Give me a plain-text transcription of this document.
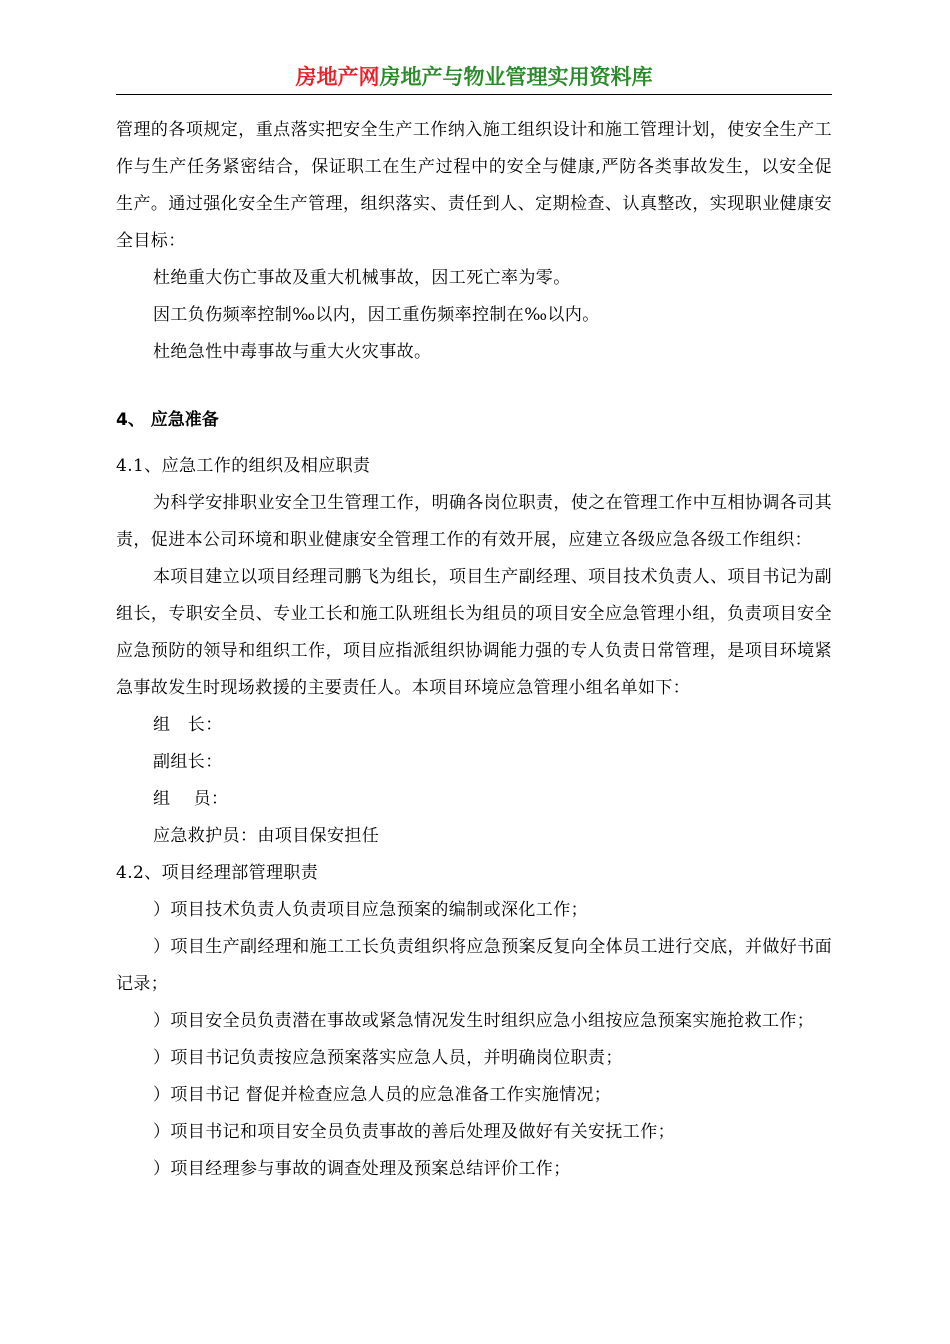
房地产网房地产与物业管理实用资料库

管理的各项规定，重点落实把安全生产工作纳入施工组织设计和施工管理计划，使安全生产工作与生产任务紧密结合，保证职工在生产过程中的安全与健康,严防各类事故发生，以安全促生产。通过强化安全生产管理，组织落实、责任到人、定期检查、认真整改，实现职业健康安全目标：

杜绝重大伤亡事故及重大机械事故，因工死亡率为零。

因工负伤频率控制‰以内，因工重伤频率控制在‰以内。

杜绝急性中毒事故与重大火灾事故。

4、 应急准备

4.1、应急工作的组织及相应职责

为科学安排职业安全卫生管理工作，明确各岗位职责，使之在管理工作中互相协调各司其责，促进本公司环境和职业健康安全管理工作的有效开展，应建立各级应急各级工作组织：

本项目建立以项目经理司鹏飞为组长，项目生产副经理、项目技术负责人、项目书记为副组长，专职安全员、专业工长和施工队班组长为组员的项目安全应急管理小组，负责项目安全应急预防的领导和组织工作，项目应指派组织协调能力强的专人负责日常管理，是项目环境紧急事故发生时现场救援的主要责任人。本项目环境应急管理小组名单如下：

组　长：

副组长：

组　 员：

应急救护员：由项目保安担任

4.2、项目经理部管理职责

）项目技术负责人负责项目应急预案的编制或深化工作；

）项目生产副经理和施工工长负责组织将应急预案反复向全体员工进行交底，并做好书面记录；

）项目安全员负责潜在事故或紧急情况发生时组织应急小组按应急预案实施抢救工作；

）项目书记负责按应急预案落实应急人员，并明确岗位职责；

）项目书记 督促并检查应急人员的应急准备工作实施情况；

）项目书记和项目安全员负责事故的善后处理及做好有关安抚工作；

）项目经理参与事故的调查处理及预案总结评价工作；
